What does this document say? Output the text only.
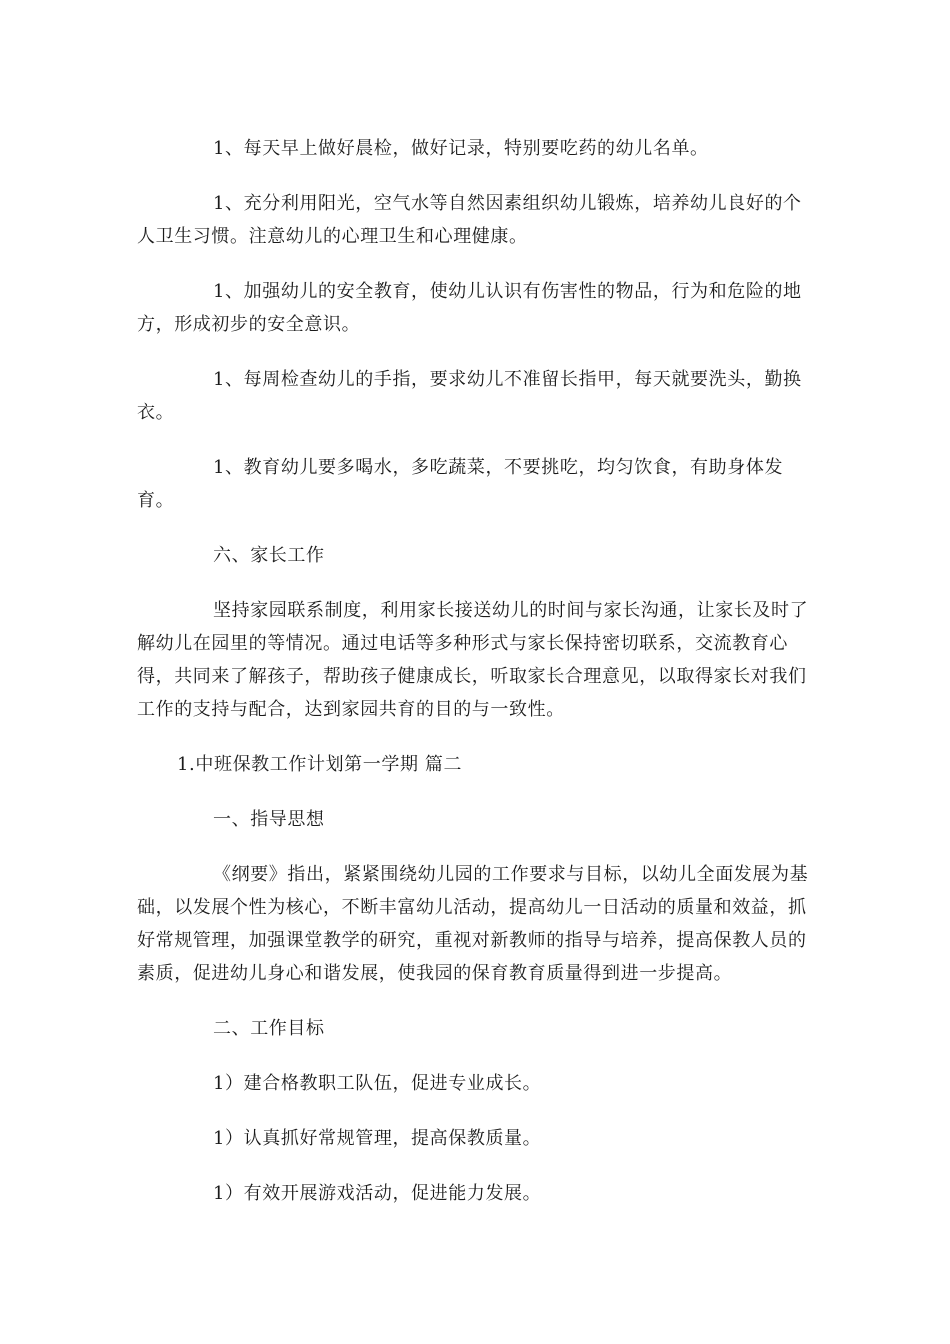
1、每天早上做好晨检，做好记录，特别要吃药的幼儿名单。

1、充分利用阳光，空气水等自然因素组织幼儿锻炼，培养幼儿良好的个人卫生习惯。注意幼儿的心理卫生和心理健康。

1、加强幼儿的安全教育，使幼儿认识有伤害性的物品，行为和危险的地方，形成初步的安全意识。

1、每周检查幼儿的手指，要求幼儿不准留长指甲，每天就要洗头，勤换衣。

1、教育幼儿要多喝水，多吃蔬菜，不要挑吃，均匀饮食，有助身体发育。

六、家长工作

坚持家园联系制度，利用家长接送幼儿的时间与家长沟通，让家长及时了解幼儿在园里的等情况。通过电话等多种形式与家长保持密切联系，交流教育心得，共同来了解孩子，帮助孩子健康成长，听取家长合理意见，以取得家长对我们工作的支持与配合，达到家园共育的目的与一致性。

1.中班保教工作计划第一学期 篇二

一、指导思想

《纲要》指出，紧紧围绕幼儿园的工作要求与目标，以幼儿全面发展为基础，以发展个性为核心，不断丰富幼儿活动，提高幼儿一日活动的质量和效益，抓好常规管理，加强课堂教学的研究，重视对新教师的指导与培养，提高保教人员的素质，促进幼儿身心和谐发展，使我园的保育教育质量得到进一步提高。

二、工作目标

1）建合格教职工队伍，促进专业成长。

1）认真抓好常规管理，提高保教质量。

1）有效开展游戏活动，促进能力发展。
